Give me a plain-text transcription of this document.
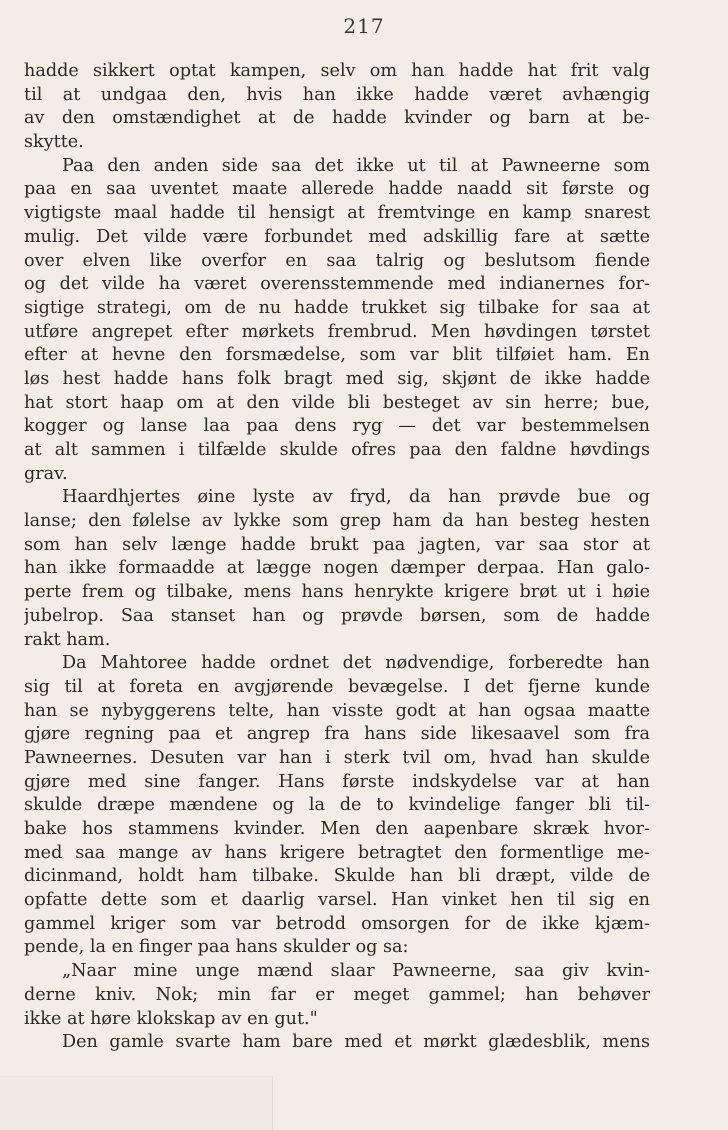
217
hadde sikkert optat kampen, selv om han hadde hat frit valg
til at undgaa den, hvis han ikke hadde været avhængig
av den omstændighet at de hadde kvinder og barn at be-
skytte.
Paa den anden side saa det ikke ut til at Pawneerne som
paa en saa uventet maate allerede hadde naadd sit første og
vigtigste maal hadde til hensigt at fremtvinge en kamp snarest
mulig. Det vilde være forbundet med adskillig fare at sætte
over elven like overfor en saa talrig og beslutsom fiende
og det vilde ha været overensstemmende med indianernes for-
sigtige strategi, om de nu hadde trukket sig tilbake for saa at
utføre angrepet efter mørkets frembrud. Men høvdingen tørstet
efter at hevne den forsmædelse, som var blit tilføiet ham. En
løs hest hadde hans folk bragt med sig, skjønt de ikke hadde
hat stort haap om at den vilde bli besteget av sin herre; bue,
kogger og lanse laa paa dens ryg — det var bestemmelsen
at alt sammen i tilfælde skulde ofres paa den faldne høvdings
grav.
Haardhjertes øine lyste av fryd, da han prøvde bue og
lanse; den følelse av lykke som grep ham da han besteg hesten
som han selv længe hadde brukt paa jagten, var saa stor at
han ikke formaadde at lægge nogen dæmper derpaa. Han galo-
perte frem og tilbake, mens hans henrykte krigere brøt ut i høie
jubelrop. Saa stanset han og prøvde børsen, som de hadde
rakt ham.
Da Mahtoree hadde ordnet det nødvendige, forberedte han
sig til at foreta en avgjørende bevægelse. I det fjerne kunde
han se nybyggerens telte, han visste godt at han ogsaa maatte
gjøre regning paa et angrep fra hans side likesaavel som fra
Pawneernes. Desuten var han i sterk tvil om, hvad han skulde
gjøre med sine fanger. Hans første indskydelse var at han
skulde dræpe mændene og la de to kvindelige fanger bli til-
bake hos stammens kvinder. Men den aapenbare skræk hvor-
med saa mange av hans krigere betragtet den formentlige me-
dicinmand, holdt ham tilbake. Skulde han bli dræpt, vilde de
opfatte dette som et daarlig varsel. Han vinket hen til sig en
gammel kriger som var betrodd omsorgen for de ikke kjæm-
pende, la en finger paa hans skulder og sa:
„Naar mine unge mænd slaar Pawneerne, saa giv kvin-
derne kniv. Nok; min far er meget gammel; han behøver
ikke at høre klokskap av en gut."
Den gamle svarte ham bare med et mørkt glædesblik, mens
